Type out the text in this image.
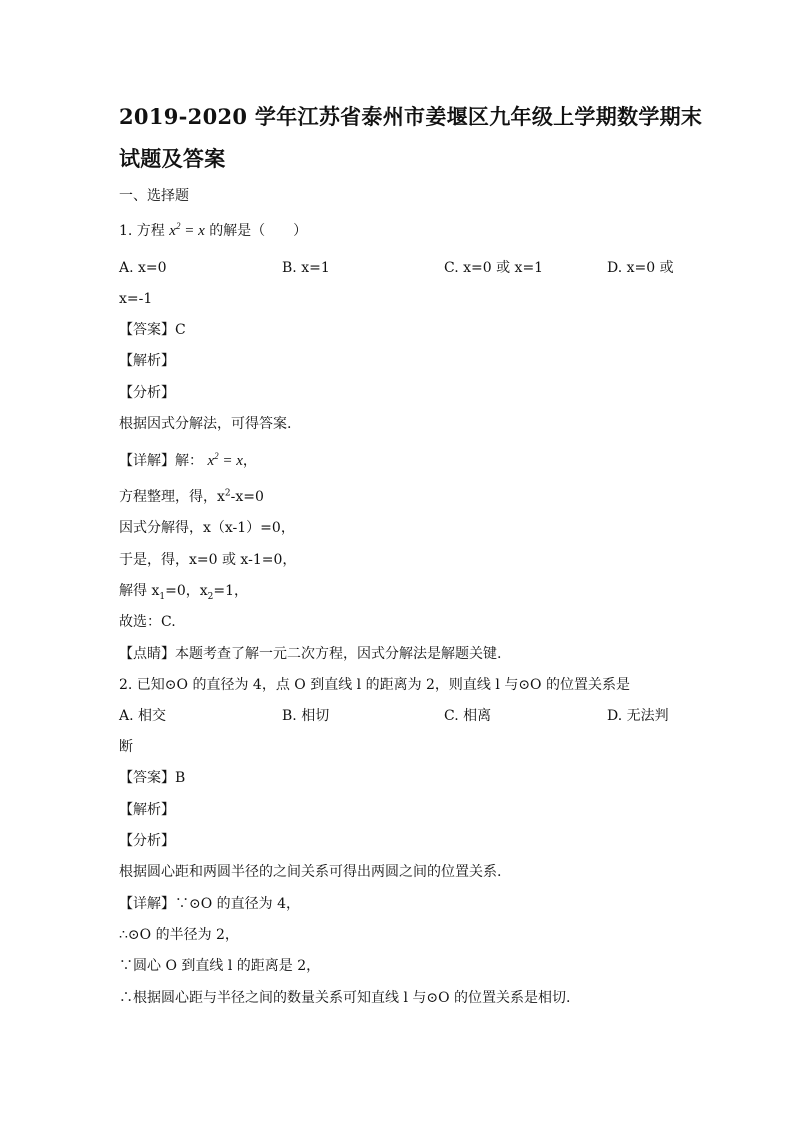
2019-2020 学年江苏省泰州市姜堰区九年级上学期数学期末
试题及答案
一、选择题
1. 方程 $x^2 = x$ 的解是（　　）
A. x=0	B. x=1	C. x=0 或 x=1	D. x=0 或
x=-1
【答案】C
【解析】
【分析】
根据因式分解法，可得答案.
【详解】解： $x^2 = x$，
方程整理，得，$x^2-x=0$
因式分解得，x（x-1）=0，
于是，得，x=0 或 x-1=0，
解得 $x_1=0$，$x_2=1$，
故选：C.
【点睛】本题考查了解一元二次方程，因式分解法是解题关键.
2. 已知⊙O 的直径为 4，点 O 到直线 l 的距离为 2，则直线 l 与⊙O 的位置关系是
A. 相交	B. 相切	C. 相离	D. 无法判
断
【答案】B
【解析】
【分析】
根据圆心距和两圆半径的之间关系可得出两圆之间的位置关系.
【详解】∵⊙O 的直径为 4，
∴⊙O 的半径为 2，
∵圆心 O 到直线 l 的距离是 2，
∴根据圆心距与半径之间的数量关系可知直线 l 与⊙O 的位置关系是相切.
